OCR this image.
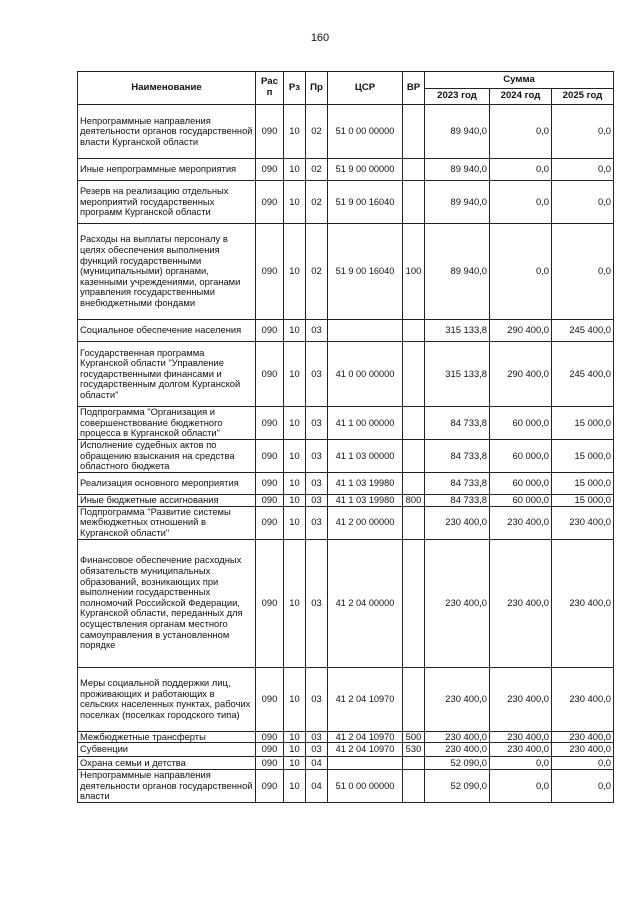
160
Наименование	Рас п	Рз	Пр	ЦСР	ВР	Сумма		
						2023 год	2024 год	2025 год
Непрограммные направления деятельности органов государственной власти Курганской области	090	10	02	51 0 00 00000		89 940,0	0,0	0,0
Иные непрограммные мероприятия	090	10	02	51 9 00 00000		89 940,0	0,0	0,0
Резерв на реализацию отдельных мероприятий государственных программ Курганской области	090	10	02	51 9 00 16040		89 940,0	0,0	0,0
Расходы на выплаты персоналу в целях обеспечения выполнения функций государственными (муниципальными) органами, казенными учреждениями, органами управления государственными внебюджетными фондами	090	10	02	51 9 00 16040	100	89 940,0	0,0	0,0
Социальное обеспечение населения	090	10	03			315 133,8	290 400,0	245 400,0
Государственная программа Курганской области "Управление государственными финансами и государственным долгом Курганской области"	090	10	03	41 0 00 00000		315 133,8	290 400,0	245 400,0
Подпрограмма "Организация и совершенствование бюджетного процесса в Курганской области"	090	10	03	41 1 00 00000		84 733,8	60 000,0	15 000,0
Исполнение судебных актов по обращению взыскания на средства областного бюджета	090	10	03	41 1 03 00000		84 733,8	60 000,0	15 000,0
Реализация основного мероприятия	090	10	03	41 1 03 19980		84 733,8	60 000,0	15 000,0
Иные бюджетные ассигнования	090	10	03	41 1 03 19980	800	84 733,8	60 000,0	15 000,0
Подпрограмма "Развитие системы межбюджетных отношений в Курганской области"	090	10	03	41 2 00 00000		230 400,0	230 400,0	230 400,0
Финансовое обеспечение расходных обязательств муниципальных образований, возникающих при выполнении государственных полномочий Российской Федерации, Курганской области, переданных для осуществления органам местного самоуправления в установленном порядке	090	10	03	41 2 04 00000		230 400,0	230 400,0	230 400,0
Меры социальной поддержки лиц, проживающих и работающих в сельских населенных пунктах, рабочих поселках (поселках городского типа)	090	10	03	41 2 04 10970		230 400,0	230 400,0	230 400,0
Межбюджетные трансферты	090	10	03	41 2 04 10970	500	230 400,0	230 400,0	230 400,0
Субвенции	090	10	03	41 2 04 10970	530	230 400,0	230 400,0	230 400,0
Охрана семьи и детства	090	10	04			52 090,0	0,0	0,0
Непрограммные направления деятельности органов государственной власти	090	10	04	51 0 00 00000		52 090,0	0,0	0,0
